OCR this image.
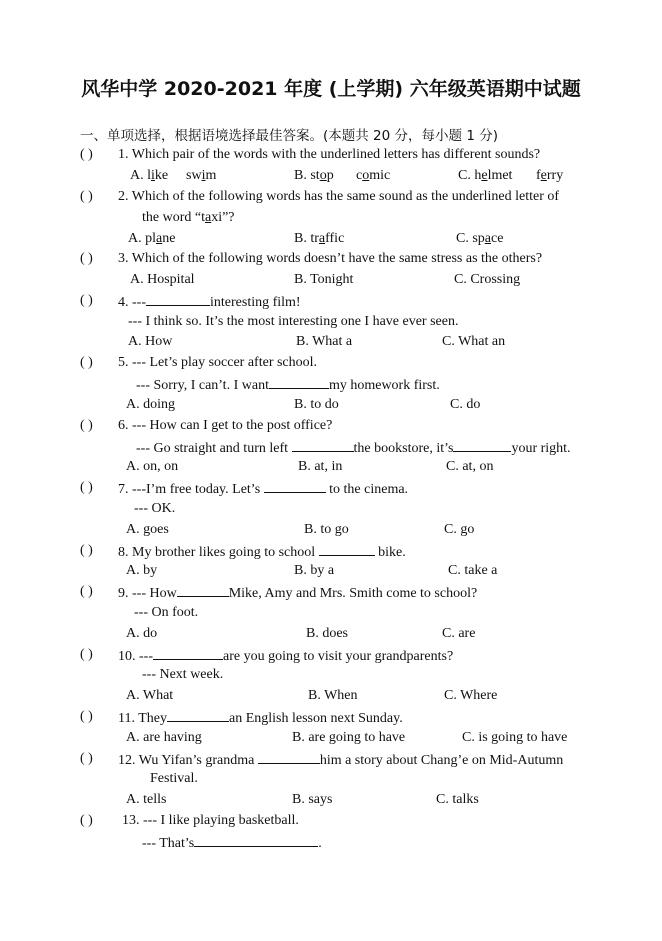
风华中学 2020-2021 年度 (上学期) 六年级英语期中试题
一、单项选择，根据语境选择最佳答案。(本题共 20 分，每小题 1 分)
( ) 1. Which pair of the words with the underlined letters has different sounds?
A. like swim	B. stop comic	C. helmet ferry
( ) 2. Which of the following words has the same sound as the underlined letter of
the word “taxi”?
A. plane	B. traffic	C. space
( ) 3. Which of the following words doesn’t have the same stress as the others?
A. Hospital	B. Tonight	C. Crossing
( ) 4. ---	interesting film!
--- I think so. It’s the most interesting one I have ever seen.
A. How	B. What a	C. What an
( ) 5. --- Let’s play soccer after school.
--- Sorry, I can’t. I want	my homework first.
A. doing	B. to do	C. do
( ) 6. --- How can I get to the post office?
--- Go straight and turn left	the bookstore, it’s	your right.
A. on, on	B. at, in	C. at, on
( ) 7. ---I’m free today. Let’s	to the cinema.
--- OK.
A. goes	B. to go	C. go
( ) 8. My brother likes going to school	bike.
A. by	B. by a	C. take a
( ) 9. --- How	Mike, Amy and Mrs. Smith come to school?
--- On foot.
A. do	B. does	C. are
( ) 10. ---	are you going to visit your grandparents?
--- Next week.
A. What	B. When	C. Where
( ) 11. They	an English lesson next Sunday.
A. are having	B. are going to have	C. is going to have
( ) 12. Wu Yifan’s grandma	him a story about Chang’e on Mid-Autumn
Festival.
A. tells	B. says	C. talks
( ) 13. --- I like playing basketball.
--- That’s	.
